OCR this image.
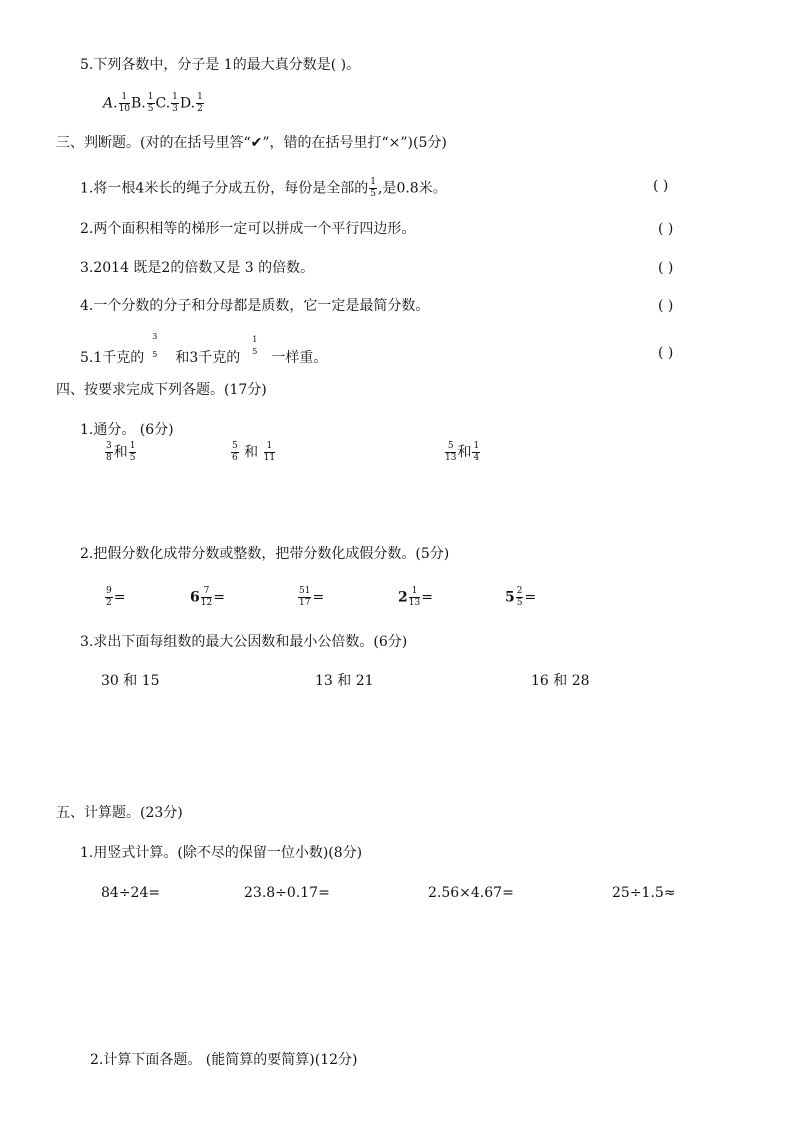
5.下列各数中，分子是 1的最大真分数是( )。
A. $\frac{1}{10} B$. $\frac{1}{5} C$. $\frac{1}{3} D$. $\frac{1}{2}$
三、判断题。(对的在括号里答“✔”，错的在括号里打“×”)(5分)
1.将一根4米长的绳子分成五份，每份是全部的 $\frac{1}{5}$ ,是0.8米。	( )
2.两个面积相等的梯形一定可以拼成一个平行四边形。	( )
3.2014 既是2的倍数又是 3 的倍数。	( )
4.一个分数的分子和分母都是质数，它一定是最简分数。	( )
5.1千克的
3
5 和3千克的
1
5 一样重。	( )
四、按要求完成下列各题。(17分)
1.通分。 (6分)
$\frac{3}{8}$ 和 $\frac{1}{5}$	$\frac{5}{6}$ 和 $\frac{1}{11}$	$\frac{5}{13}$ 和 $\frac{1}{4}$
2.把假分数化成带分数或整数，把带分数化成假分数。(5分)
$\frac{9}{2}$ =	$6 \frac{7}{12}$ =	$\frac{51}{17}$ =	$2 \frac{1}{13}$ =	$5 \frac{2}{5}$ =
3.求出下面每组数的最大公因数和最小公倍数。(6分)
30 和 15	13 和 21	16 和 28
五、计算题。(23分)
1.用竖式计算。(除不尽的保留一位小数)(8分)
84÷24=	23.8÷0.17=	2.56×4.67=	25÷1.5≈
2.计算下面各题。 (能简算的要简算)(12分)
